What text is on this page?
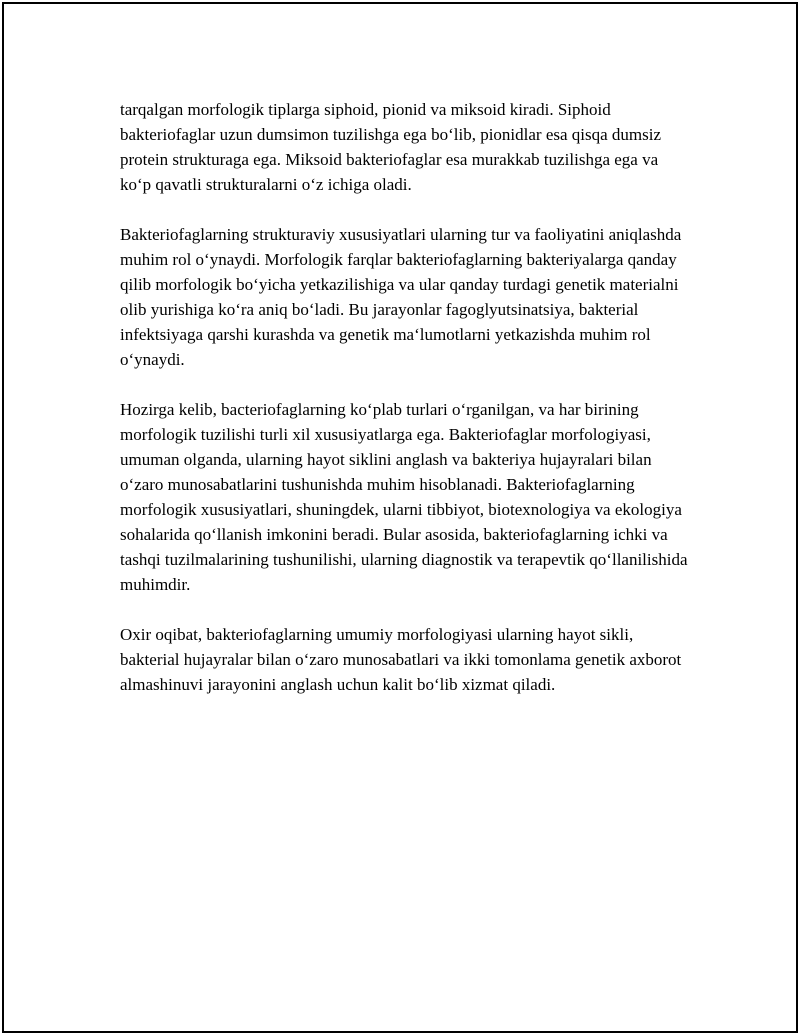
tarqalgan morfologik tiplarga siphoid, pionid va miksoid kiradi. Siphoid bakteriofaglar uzun dumsimon tuzilishga ega bo‘lib, pionidlar esa qisqa dumsiz protein strukturaga ega. Miksoid bakteriofaglar esa murakkab tuzilishga ega va ko‘p qavatli strukturalarni o‘z ichiga oladi.

Bakteriofaglarning strukturaviy xususiyatlari ularning tur va faoliyatini aniqlashda muhim rol o‘ynaydi. Morfologik farqlar bakteriofaglarning bakteriyalarga qanday qilib morfologik bo‘yicha yetkazilishiga va ular qanday turdagi genetik materialni olib yurishiga ko‘ra aniq bo‘ladi. Bu jarayonlar fagoglyutsinatsiya, bakterial infektsiyaga qarshi kurashda va genetik ma‘lumotlarni yetkazishda muhim rol o‘ynaydi.

Hozirga kelib, bacteriofaglarning ko‘plab turlari o‘rganilgan, va har birining morfologik tuzilishi turli xil xususiyatlarga ega. Bakteriofaglar morfologiyasi, umuman olganda, ularning hayot siklini anglash va bakteriya hujayralari bilan o‘zaro munosabatlarini tushunishda muhim hisoblanadi. Bakteriofaglarning morfologik xususiyatlari, shuningdek, ularni tibbiyot, biotexnologiya va ekologiya sohalarida qo‘llanish imkonini beradi. Bular asosida, bakteriofaglarning ichki va tashqi tuzilmalarining tushunilishi, ularning diagnostik va terapevtik qo‘llanilishida muhimdir.

Oxir oqibat, bakteriofaglarning umumiy morfologiyasi ularning hayot sikli, bakterial hujayralar bilan o‘zaro munosabatlari va ikki tomonlama genetik axborot almashinuvi jarayonini anglash uchun kalit bo‘lib xizmat qiladi.
